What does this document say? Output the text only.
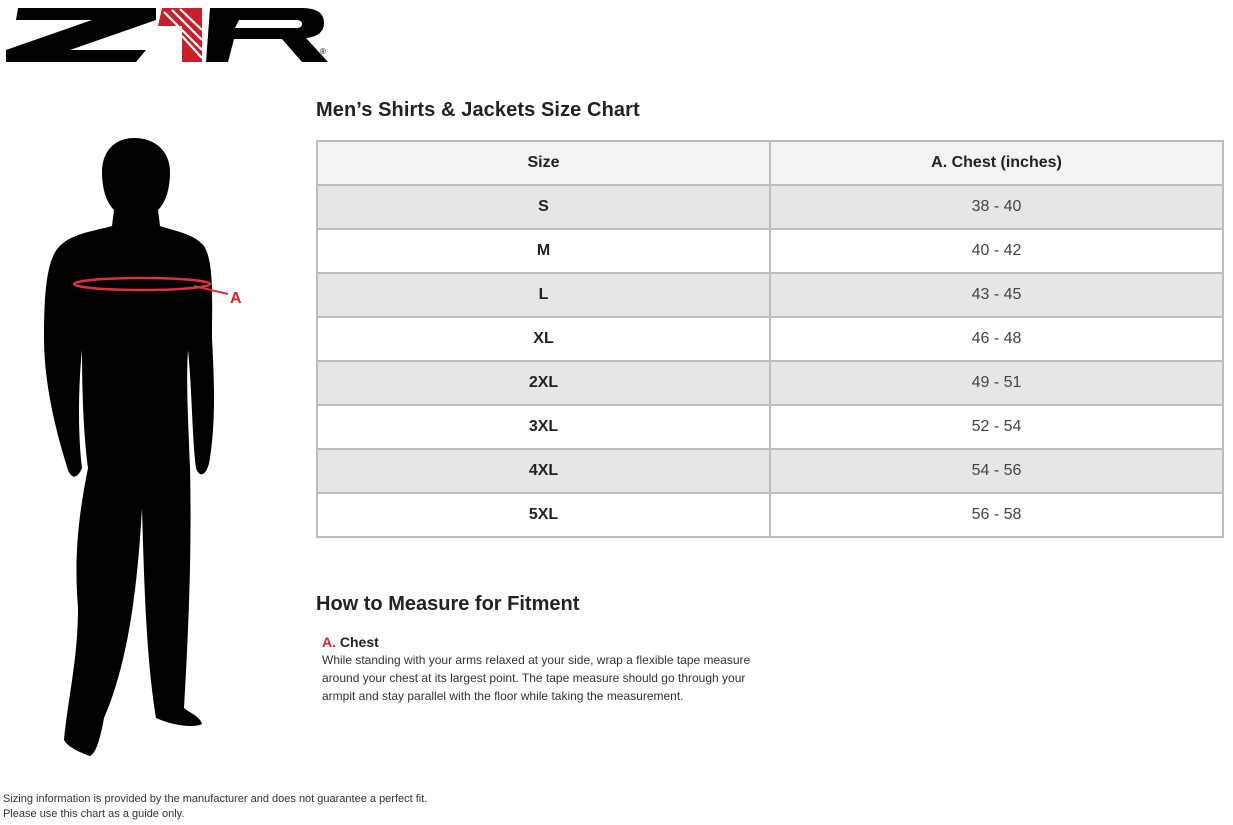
®
A
Men’s Shirts & Jackets Size Chart
Size	A. Chest (inches)
S	38 - 40
M	40 - 42
L	43 - 45
XL	46 - 48
2XL	49 - 51
3XL	52 - 54
4XL	54 - 56
5XL	56 - 58
How to Measure for Fitment
A. Chest
While standing with your arms relaxed at your side, wrap a flexible tape measure around your chest at its largest point. The tape measure should go through your armpit and stay parallel with the floor while taking the measurement.
Sizing information is provided by the manufacturer and does not guarantee a perfect fit.
Please use this chart as a guide only.
